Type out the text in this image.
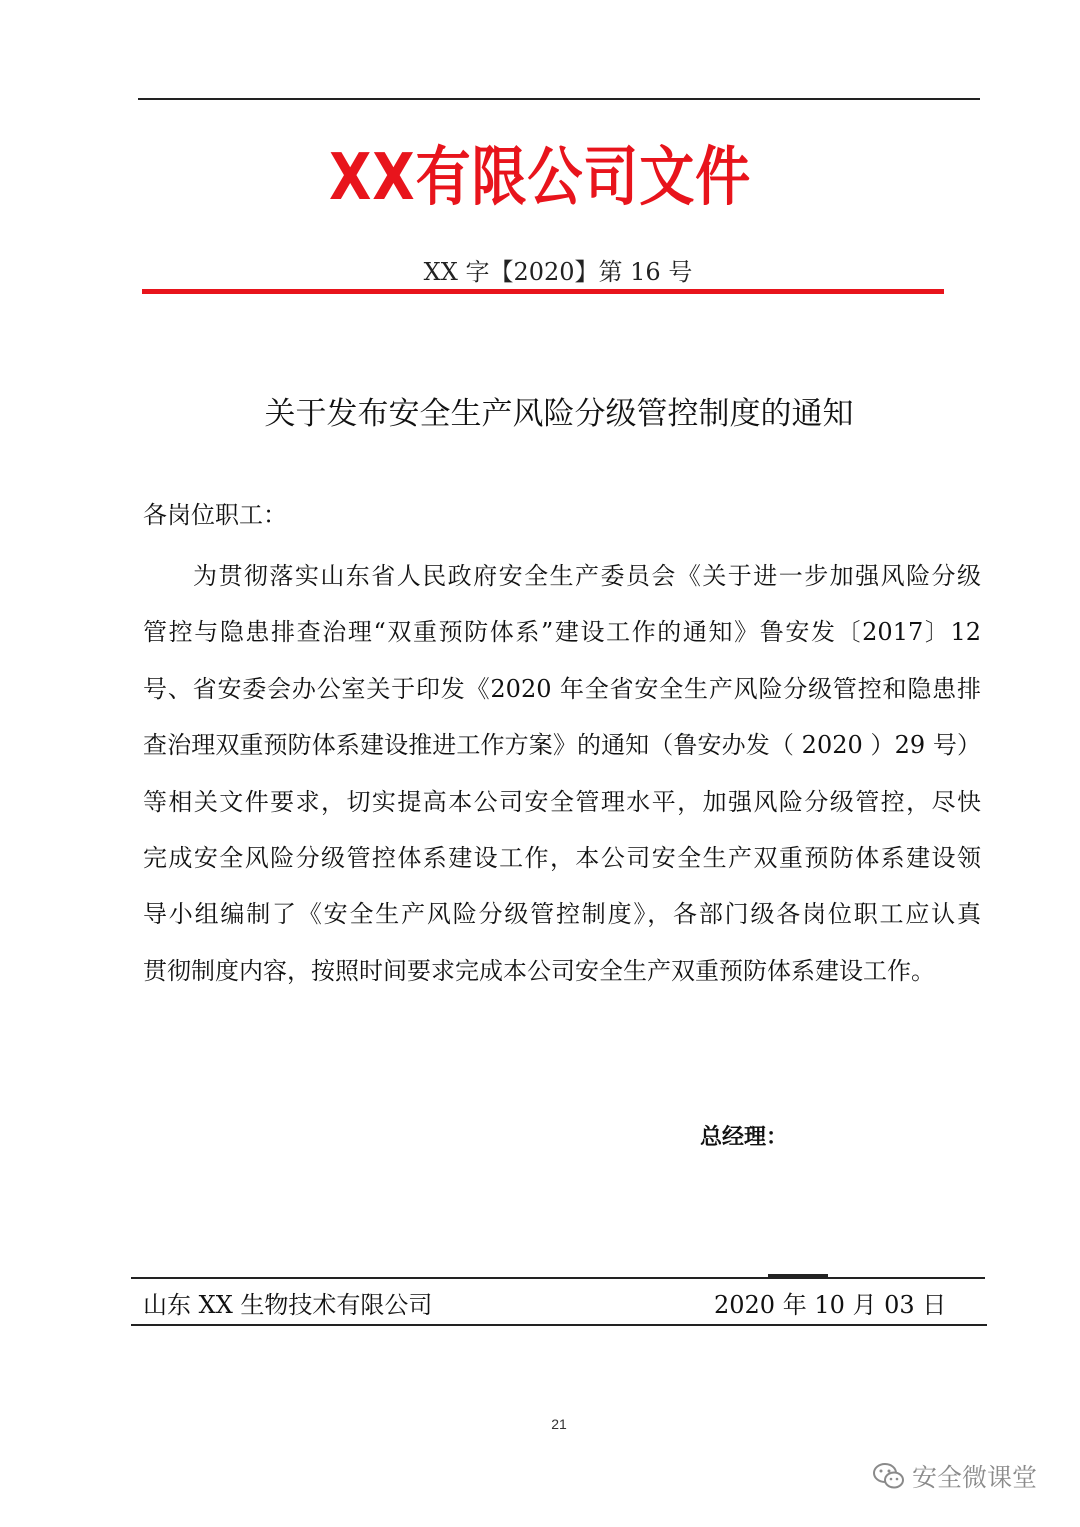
XX有限公司文件
XX 字【2020】第 16 号
关于发布安全生产风险分级管控制度的通知
各岗位职工：
为贯彻落实山东省人民政府安全生产委员会《关于进一步加强风险分级
管控与隐患排查治理“双重预防体系”建设工作的通知》鲁安发〔2017〕12
号、省安委会办公室关于印发《2020 年全省安全生产风险分级管控和隐患排
查治理双重预防体系建设推进工作方案》的通知（鲁安办发（ 2020 ）29 号）
等相关文件要求，切实提高本公司安全管理水平，加强风险分级管控，尽快
完成安全风险分级管控体系建设工作，本公司安全生产双重预防体系建设领
导小组编制了《安全生产风险分级管控制度》，各部门级各岗位职工应认真
贯彻制度内容，按照时间要求完成本公司安全生产双重预防体系建设工作。
总经理：
山东 XX 生物技术有限公司	2020 年 10 月 03 日
21
安全微课堂
